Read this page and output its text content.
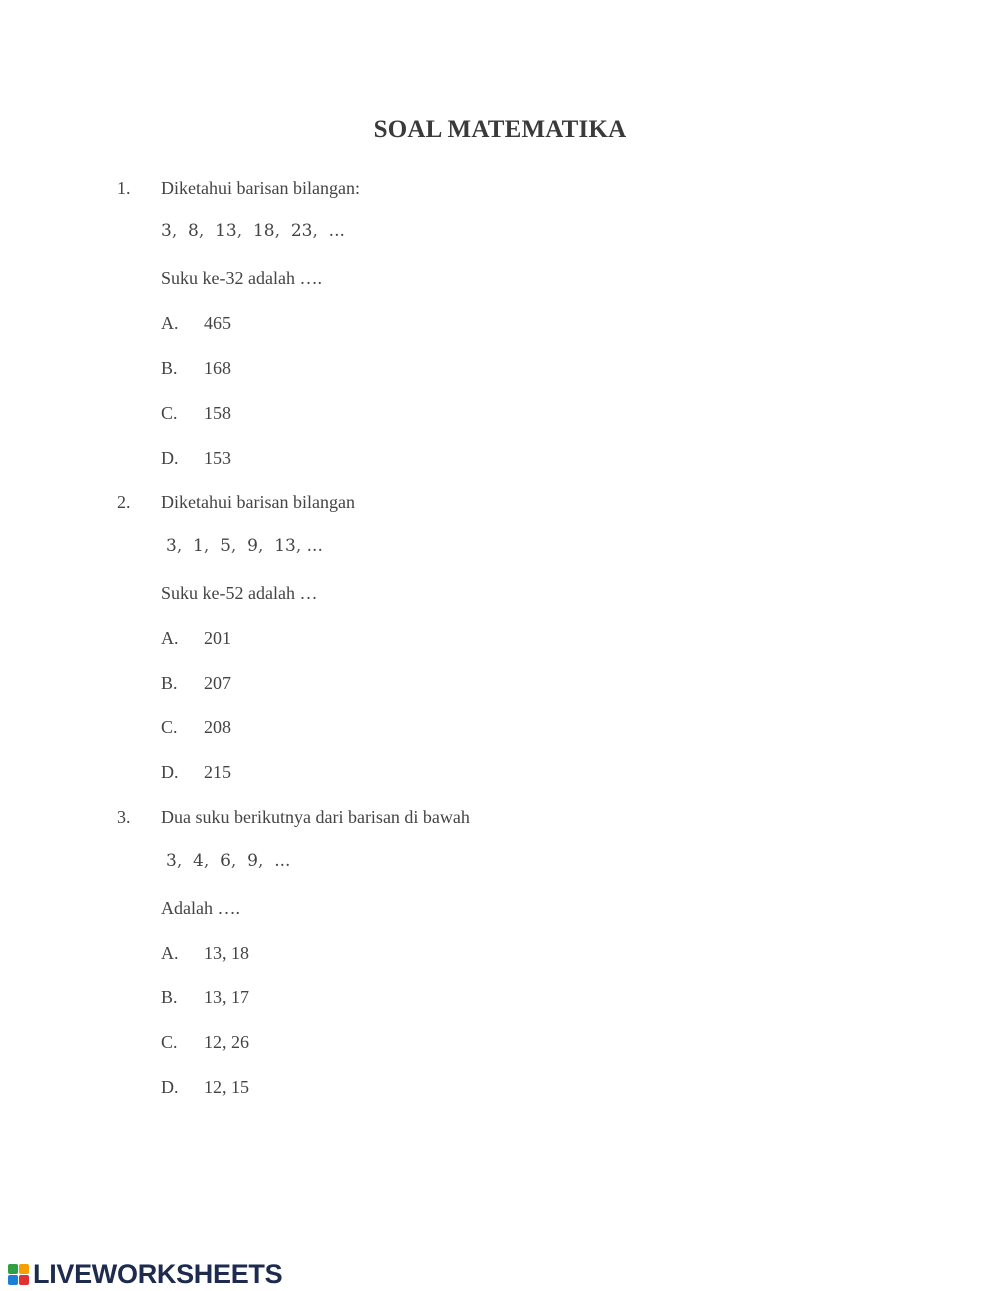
SOAL MATEMATIKA
1. Diketahui barisan bilangan:
3,  8,  13,  18,  23,  ...
Suku ke-32 adalah ….
A. 465
B. 168
C. 158
D. 153
2. Diketahui barisan bilangan
3,  1,  5,  9,  13, ...
Suku ke-52 adalah …
A. 201
B. 207
C. 208
D. 215
3. Dua suku berikutnya dari barisan di bawah
3,  4,  6,  9,  ...
Adalah ….
A. 13, 18
B. 13, 17
C. 12, 26
D. 12, 15
LIVEWORKSHEETS
